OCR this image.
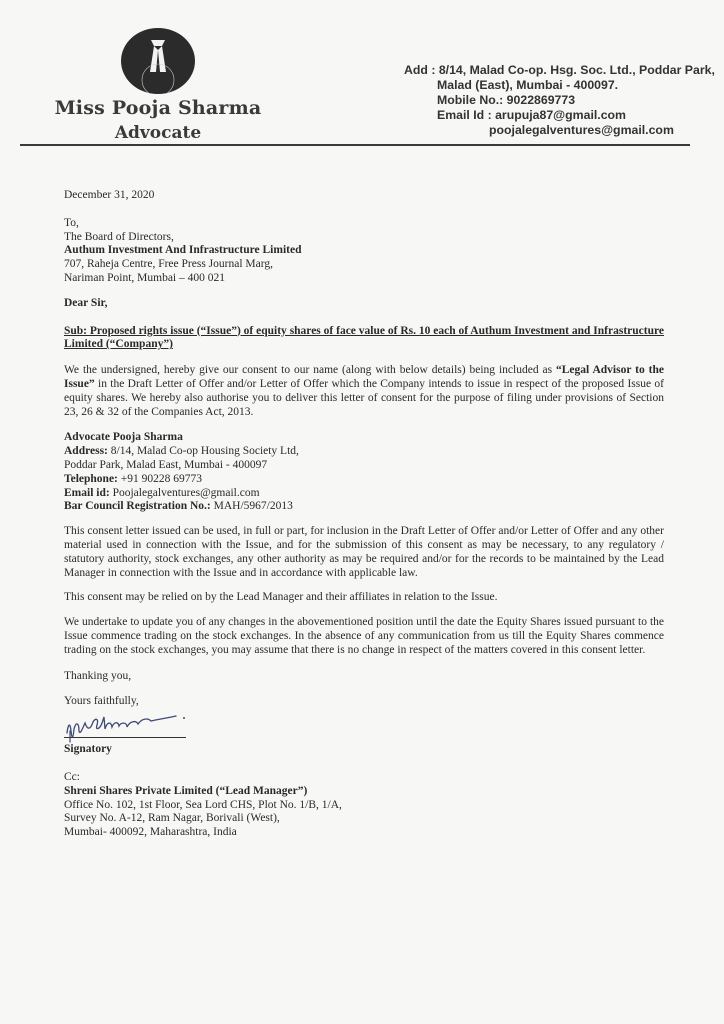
Miss Pooja Sharma
Advocate
Add : 8/14, Malad Co-op. Hsg. Soc. Ltd., Poddar Park,
Malad (East), Mumbai - 400097.
Mobile No.: 9022869773
Email Id : arupuja87@gmail.com
poojalegalventures@gmail.com

December 31, 2020

To,

The Board of Directors,

Authum Investment And Infrastructure Limited

707, Raheja Centre, Free Press Journal Marg,

Nariman Point, Mumbai – 400 021

Dear Sir,

Sub: Proposed rights issue (“Issue”) of equity shares of face value of Rs. 10 each of Authum Investment and Infrastructure Limited (“Company”)

We the undersigned, hereby give our consent to our name (along with below details) being included as “Legal Advisor to the Issue” in the Draft Letter of Offer and/or Letter of Offer which the Company intends to issue in respect of the proposed Issue of equity shares. We hereby also authorise you to deliver this letter of consent for the purpose of filing under provisions of Section 23, 26 & 32 of the Companies Act, 2013.

Advocate Pooja Sharma

Address: 8/14, Malad Co-op Housing Society Ltd,

Poddar Park, Malad East, Mumbai - 400097

Telephone: +91 90228 69773

Email id: Poojalegalventures@gmail.com

Bar Council Registration No.: MAH/5967/2013

This consent letter issued can be used, in full or part, for inclusion in the Draft Letter of Offer and/or Letter of Offer and any other material used in connection with the Issue, and for the submission of this consent as may be necessary, to any regulatory / statutory authority, stock exchanges, any other authority as may be required and/or for the records to be maintained by the Lead Manager in connection with the Issue and in accordance with applicable law.

This consent may be relied on by the Lead Manager and their affiliates in relation to the Issue.

We undertake to update you of any changes in the abovementioned position until the date the Equity Shares issued pursuant to the Issue commence trading on the stock exchanges. In the absence of any communication from us till the Equity Shares commence trading on the stock exchanges, you may assume that there is no change in respect of the matters covered in this consent letter.

Thanking you,

Yours faithfully,

Signatory

Cc:

Shreni Shares Private Limited (“Lead Manager”)

Office No. 102, 1st Floor, Sea Lord CHS, Plot No. 1/B, 1/A,

Survey No. A-12, Ram Nagar, Borivali (West),

Mumbai- 400092, Maharashtra, India
